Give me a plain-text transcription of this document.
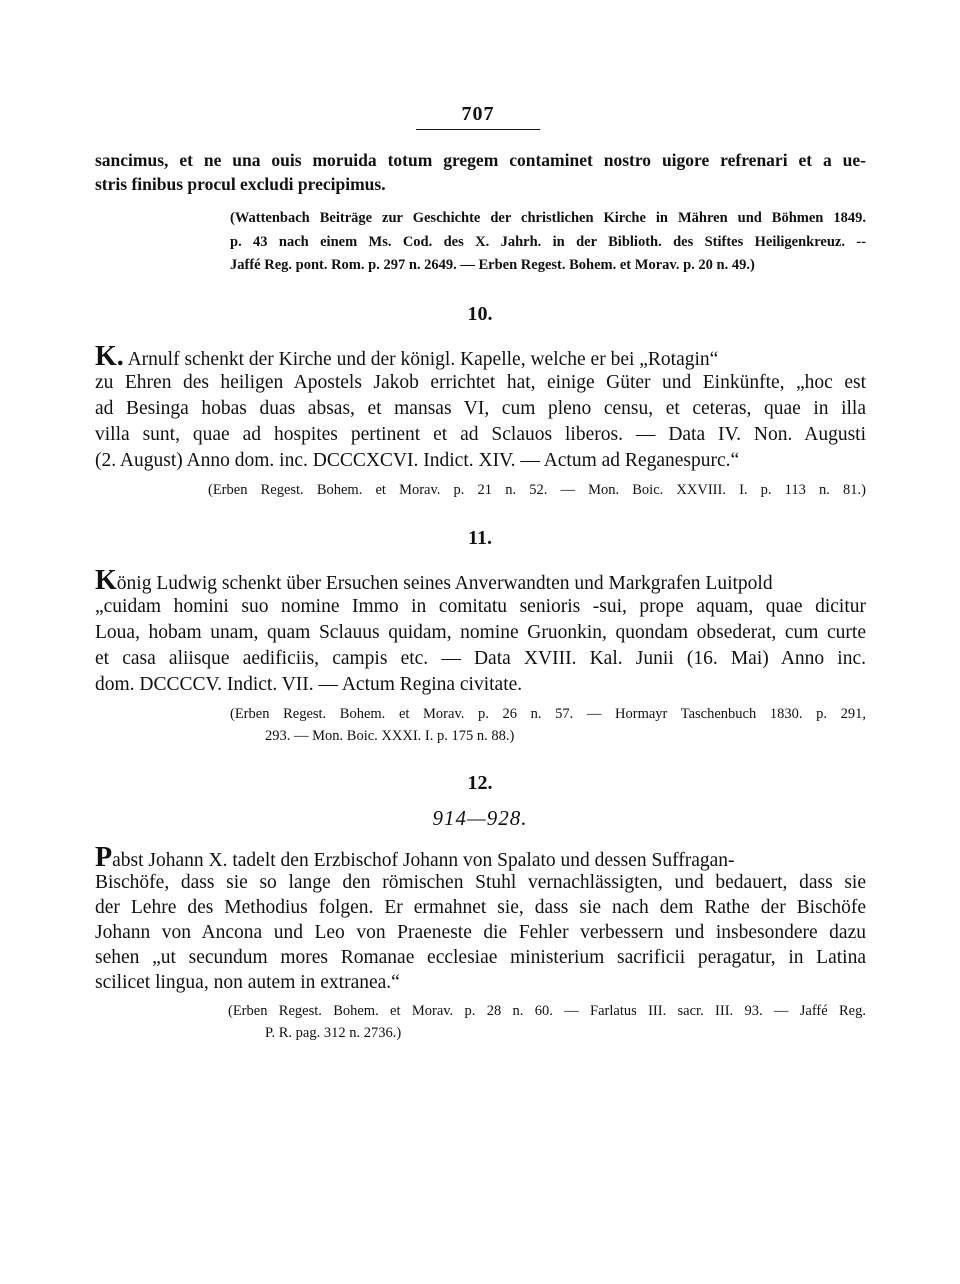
707
sancimus, et ne una ouis moruida totum gregem contaminet nostro uigore refrenari et a ue-
stris finibus procul excludi precipimus.
(Wattenbach Beiträge zur Geschichte der christlichen Kirche in Mähren und Böhmen 1849.
p. 43 nach einem Ms. Cod. des X. Jahrh. in der Biblioth. des Stiftes Heiligenkreuz. --
Jaffé Reg. pont. Rom. p. 297 n. 2649. — Erben Regest. Bohem. et Morav. p. 20 n. 49.)
10.
K. Arnulf schenkt der Kirche und der königl. Kapelle, welche er bei „Rotagin“
zu Ehren des heiligen Apostels Jakob errichtet hat, einige Güter und Einkünfte, „hoc est
ad Besinga hobas duas absas, et mansas VI, cum pleno censu, et ceteras, quae in illa
villa sunt, quae ad hospites pertinent et ad Sclauos liberos. — Data IV. Non. Augusti
(2. August) Anno dom. inc. DCCCXCVI. Indict. XIV. — Actum ad Reganespurc.“
(Erben Regest. Bohem. et Morav. p. 21 n. 52. — Mon. Boic. XXVIII. I. p. 113 n. 81.)
11.
König Ludwig schenkt über Ersuchen seines Anverwandten und Markgrafen Luitpold
„cuidam homini suo nomine Immo in comitatu senioris -sui, prope aquam, quae dicitur
Loua, hobam unam, quam Sclauus quidam, nomine Gruonkin, quondam obsederat, cum curte
et casa aliisque aedificiis, campis etc. — Data XVIII. Kal. Junii (16. Mai) Anno inc.
dom. DCCCCV. Indict. VII. — Actum Regina civitate.
(Erben Regest. Bohem. et Morav. p. 26 n. 57. — Hormayr Taschenbuch 1830. p. 291,
293. — Mon. Boic. XXXI. I. p. 175 n. 88.)
12.
914—928.
Pabst Johann X. tadelt den Erzbischof Johann von Spalato und dessen Suffragan-
Bischöfe, dass sie so lange den römischen Stuhl vernachlässigten, und bedauert, dass sie
der Lehre des Methodius folgen. Er ermahnet sie, dass sie nach dem Rathe der Bischöfe
Johann von Ancona und Leo von Praeneste die Fehler verbessern und insbesondere dazu
sehen „ut secundum mores Romanae ecclesiae ministerium sacrificii peragatur, in Latina
scilicet lingua, non autem in extranea.“
(Erben Regest. Bohem. et Morav. p. 28 n. 60. — Farlatus III. sacr. III. 93. — Jaffé Reg.
P. R. pag. 312 n. 2736.)
